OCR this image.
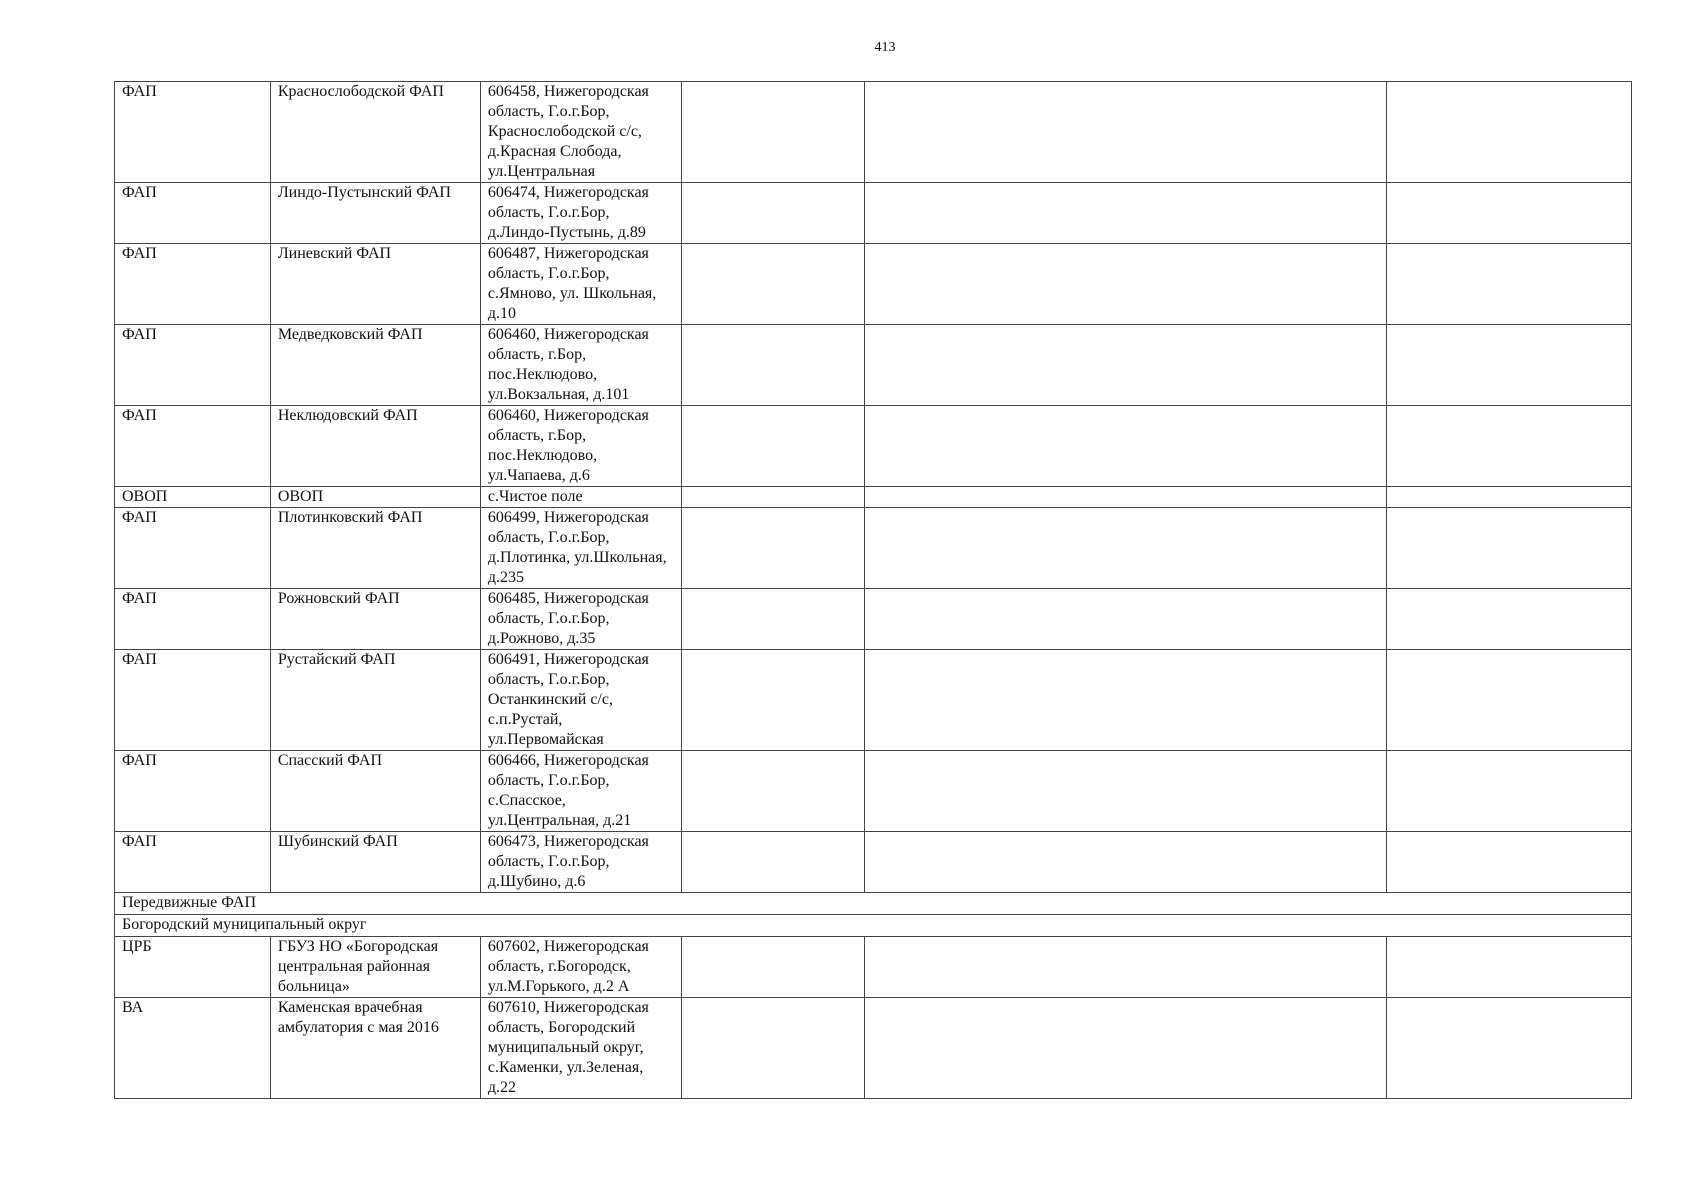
413
ФАП	Краснослободской ФАП	606458, Нижегородская область, Г.о.г.Бор, Краснослободской с/с, д.Красная Слобода, ул.Центральная			
ФАП	Линдо-Пустынский ФАП	606474, Нижегородская область, Г.о.г.Бор, д.Линдо-Пустынь, д.89			
ФАП	Линевский ФАП	606487, Нижегородская область, Г.о.г.Бор, с.Ямново, ул. Школьная, д.10			
ФАП	Медведковский ФАП	606460, Нижегородская область, г.Бор, пос.Неклюдово, ул.Вокзальная, д.101			
ФАП	Неклюдовский ФАП	606460, Нижегородская область, г.Бор, пос.Неклюдово, ул.Чапаева, д.6			
ОВОП	ОВОП	с.Чистое поле			
ФАП	Плотинковский ФАП	606499, Нижегородская область, Г.о.г.Бор, д.Плотинка, ул.Школьная, д.235			
ФАП	Рожновский ФАП	606485, Нижегородская область, Г.о.г.Бор, д.Рожново, д.35			
ФАП	Рустайский ФАП	606491, Нижегородская область, Г.о.г.Бор, Останкинский с/с, с.п.Рустай, ул.Первомайская			
ФАП	Спасский ФАП	606466, Нижегородская область, Г.о.г.Бор, с.Спасское, ул.Центральная, д.21			
ФАП	Шубинский ФАП	606473, Нижегородская область, Г.о.г.Бор, д.Шубино, д.6			
Передвижные ФАП					
Богородский муниципальный округ					
ЦРБ	ГБУЗ НО «Богородская центральная районная больница»	607602, Нижегородская область, г.Богородск, ул.М.Горького, д.2 А			
ВА	Каменская врачебная амбулатория с мая 2016	607610, Нижегородская область, Богородский муниципальный округ, с.Каменки, ул.Зеленая, д.22			
